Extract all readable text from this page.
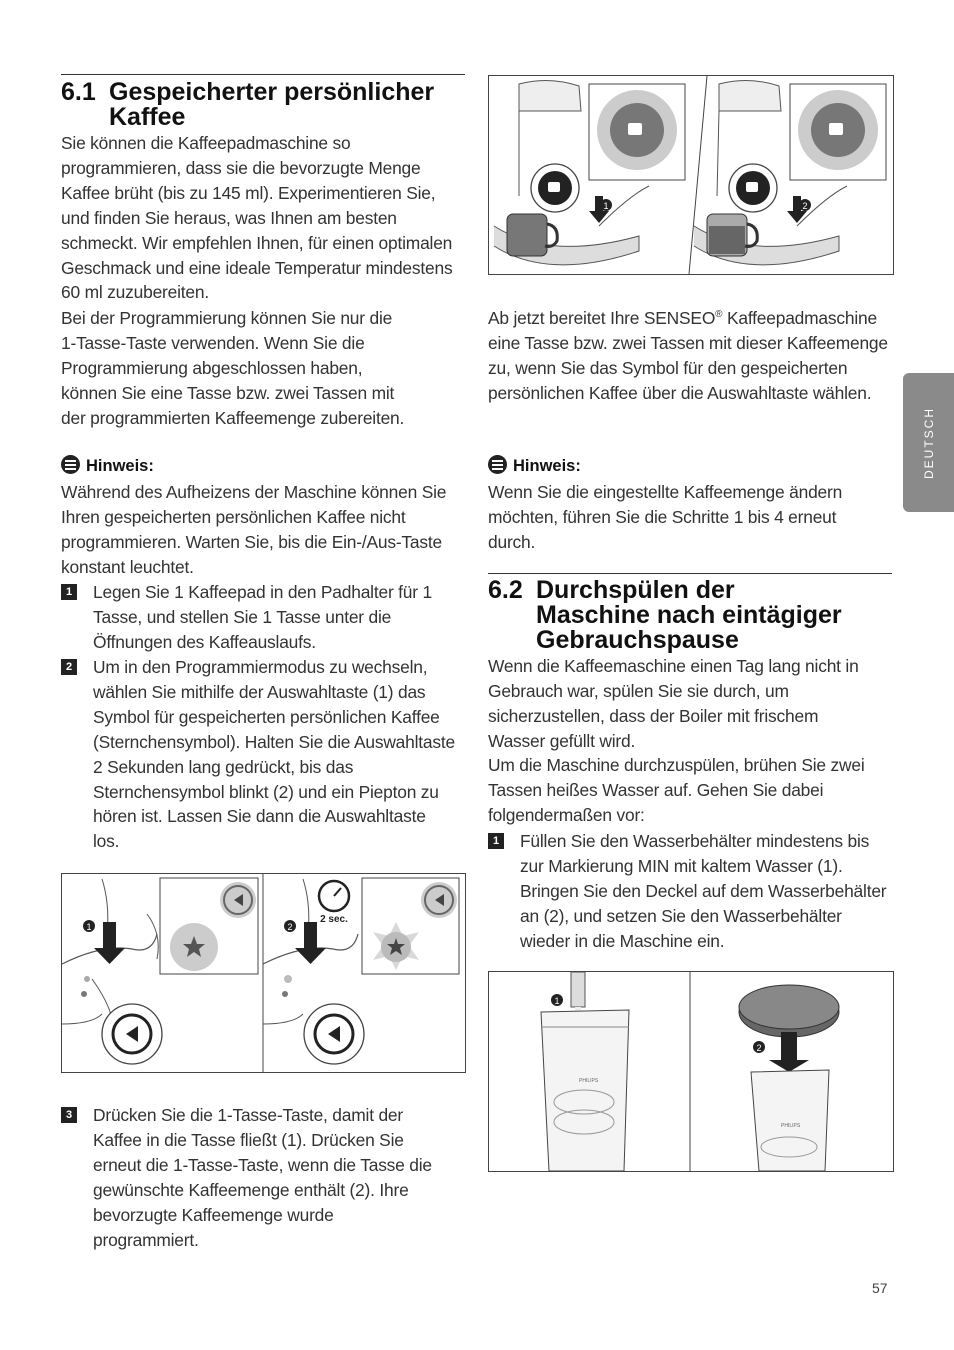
6.1 Gespeicherter persönlicher
Kaffee
Sie können die Kaffeepadmaschine so programmieren, dass sie die bevorzugte Menge Kaffee brüht (bis zu 145 ml). Experimentieren Sie, und finden Sie heraus, was Ihnen am besten schmeckt. Wir empfehlen Ihnen, für einen optimalen Geschmack und eine ideale Temperatur mindestens 60 ml zuzubereiten.
Bei der Programmierung können Sie nur die 1-Tasse-Taste verwenden. Wenn Sie die Programmierung abgeschlossen haben, können Sie eine Tasse bzw. zwei Tassen mit der programmierten Kaffeemenge zubereiten.
Hinweis:
Während des Aufheizens der Maschine können Sie Ihren gespeicherten persönlichen Kaffee nicht programmieren. Warten Sie, bis die Ein-/Aus-Taste konstant leuchtet.
1 Legen Sie 1 Kaffeepad in den Padhalter für 1 Tasse, und stellen Sie 1 Tasse unter die Öffnungen des Kaffeauslaufs.
2 Um in den Programmiermodus zu wechseln, wählen Sie mithilfe der Auswahltaste (1) das Symbol für gespeicherten persönlichen Kaffee (Sternchensymbol). Halten Sie die Auswahltaste 2 Sekunden lang gedrückt, bis das Sternchensymbol blinkt (2) und ein Piepton zu hören ist. Lassen Sie dann die Auswahltaste los.
1
2 sec.
2
3 Drücken Sie die 1-Tasse-Taste, damit der Kaffee in die Tasse fließt (1). Drücken Sie erneut die 1-Tasse-Taste, wenn die Tasse die gewünschte Kaffeemenge enthält (2). Ihre bevorzugte Kaffeemenge wurde programmiert.
1	2
Ab jetzt bereitet Ihre SENSEO® Kaffeepadmaschine eine Tasse bzw. zwei Tassen mit dieser Kaffeemenge zu, wenn Sie das Symbol für den gespeicherten persönlichen Kaffee über die Auswahltaste wählen.
Hinweis:
Wenn Sie die eingestellte Kaffeemenge ändern möchten, führen Sie die Schritte 1 bis 4 erneut durch.
6.2 Durchspülen der
Maschine nach eintägiger
Gebrauchspause
Wenn die Kaffeemaschine einen Tag lang nicht in Gebrauch war, spülen Sie sie durch, um sicherzustellen, dass der Boiler mit frischem Wasser gefüllt wird.
Um die Maschine durchzuspülen, brühen Sie zwei Tassen heißes Wasser auf. Gehen Sie dabei folgendermaßen vor:
1 Füllen Sie den Wasserbehälter mindestens bis zur Markierung MIN mit kaltem Wasser (1). Bringen Sie den Deckel auf dem Wasserbehälter an (2), und setzen Sie den Wasserbehälter wieder in die Maschine ein.
PHILIPS
1
2
PHILIPS
DEUTSCH
57
